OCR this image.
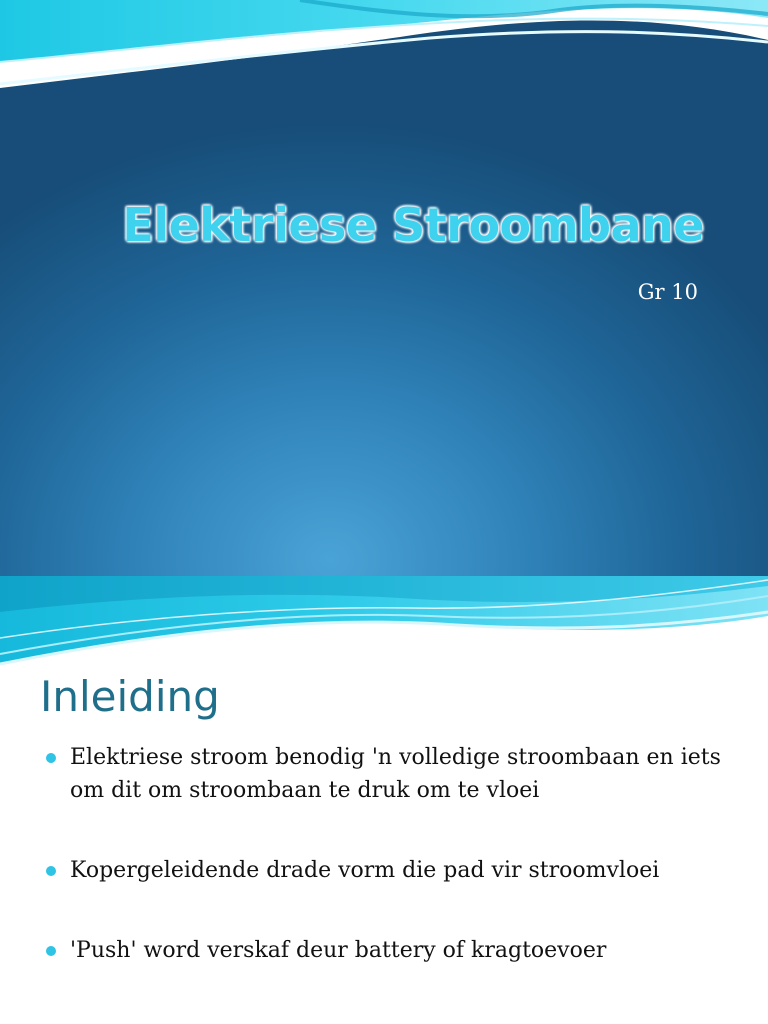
Elektriese Stroombane
Gr 10
Inleiding
Elektriese stroom benodig 'n volledige stroombaan en iets om dit om stroombaan te druk om te vloei
Kopergeleidende drade vorm die pad vir stroomvloei
'Push' word verskaf deur battery of kragtoevoer
